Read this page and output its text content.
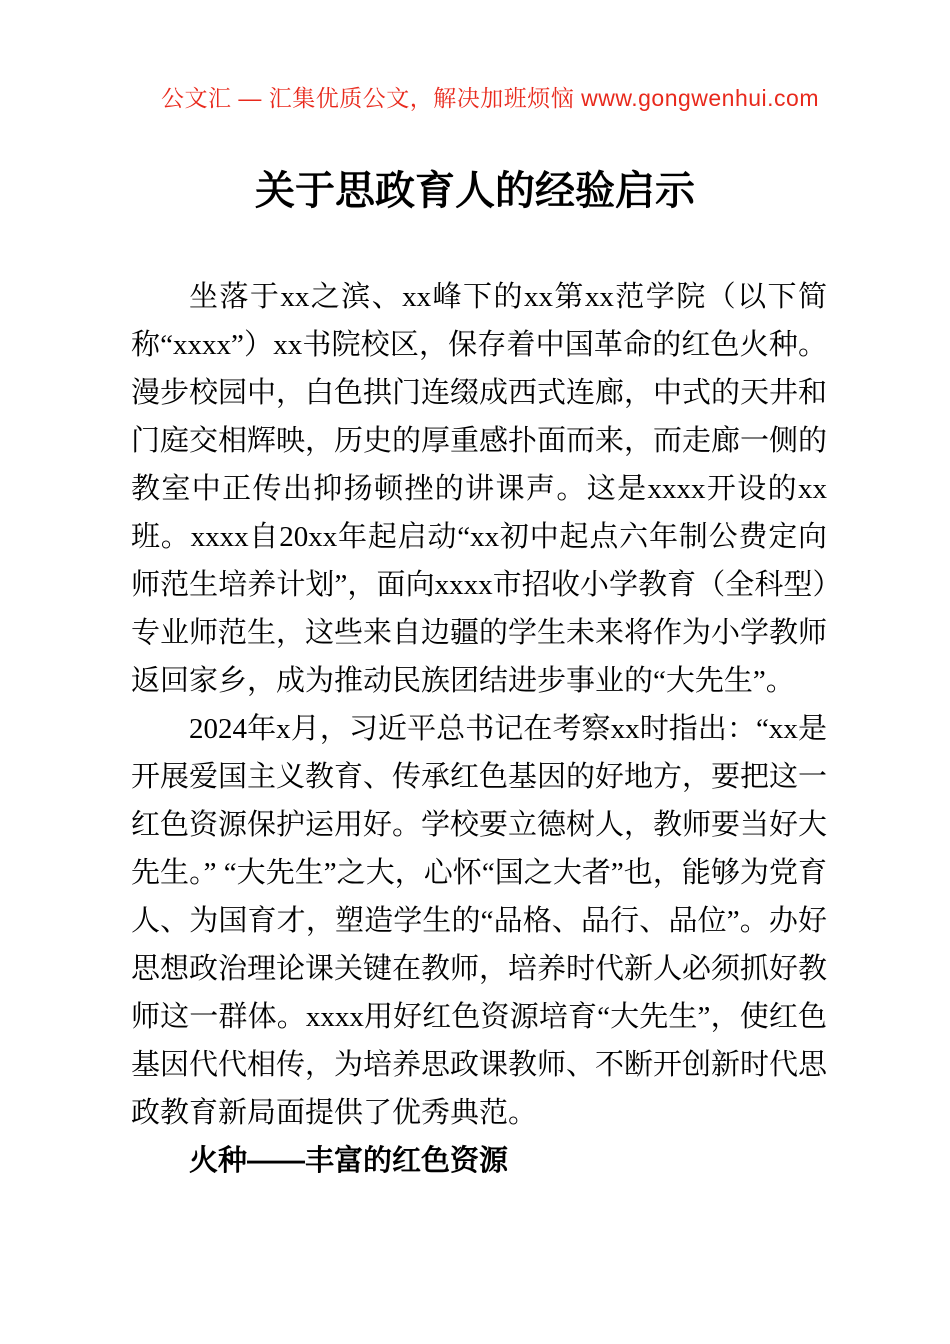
公文汇 — 汇集优质公文，解决加班烦恼 www.gongwenhui.com
关于思政育人的经验启示

坐落于xx之滨、xx峰下的xx第xx范学院（以下简称“xxxx”）xx书院校区，保存着中国革命的红色火种。漫步校园中，白色拱门连缀成西式连廊，中式的天井和门庭交相辉映，历史的厚重感扑面而来，而走廊一侧的教室中正传出抑扬顿挫的讲课声。这是xxxx开设的xx班。xxxx自20xx年起启动“xx初中起点六年制公费定向师范生培养计划”，面向xxxx市招收小学教育（全科型）专业师范生，这些来自边疆的学生未来将作为小学教师返回家乡，成为推动民族团结进步事业的“大先生”。

2024年x月，习近平总书记在考察xx时指出：“xx是开展爱国主义教育、传承红色基因的好地方，要把这一红色资源保护运用好。学校要立德树人，教师要当好大先生。” “大先生”之大，心怀“国之大者”也，能够为党育人、为国育才，塑造学生的“品格、品行、品位”。办好思想政治理论课关键在教师，培养时代新人必须抓好教师这一群体。xxxx用好红色资源培育“大先生”，使红色基因代代相传，为培养思政课教师、不断开创新时代思政教育新局面提供了优秀典范。

火种——丰富的红色资源
